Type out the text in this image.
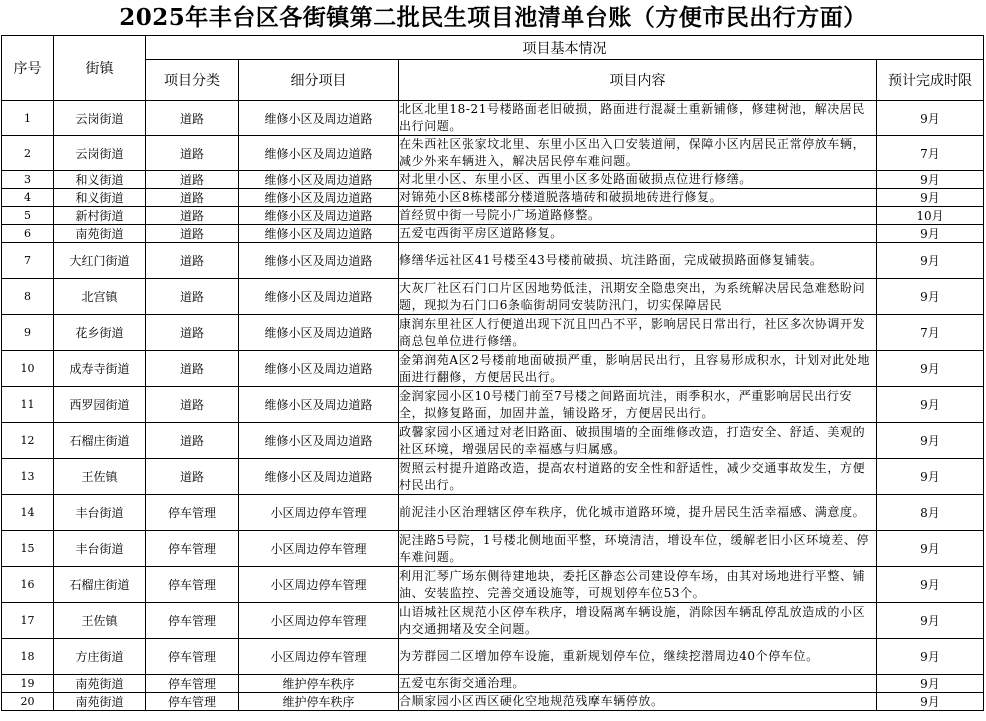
2025年丰台区各街镇第二批民生项目池清单台账（方便市民出行方面）
序号	街镇	项目基本情况			
		项目分类	细分项目	项目内容	预计完成时限
1	云岗街道	道路	维修小区及周边道路	北区北里18-21号楼路面老旧破损，路面进行混凝土重新铺修，修建树池，解决居民出行问题。	9月
2	云岗街道	道路	维修小区及周边道路	在朱西社区张家坟北里、东里小区出入口安装道闸，保障小区内居民正常停放车辆，减少外来车辆进入，解决居民停车难问题。	7月
3	和义街道	道路	维修小区及周边道路	对北里小区、东里小区、西里小区多处路面破损点位进行修缮。	9月
4	和义街道	道路	维修小区及周边道路	对锦苑小区8栋楼部分楼道脱落墙砖和破损地砖进行修复。	9月
5	新村街道	道路	维修小区及周边道路	首经贸中街一号院小广场道路修整。	10月
6	南苑街道	道路	维修小区及周边道路	五爱屯西街平房区道路修复。	9月
7	大红门街道	道路	维修小区及周边道路	修缮华远社区41号楼至43号楼前破损、坑洼路面，完成破损路面修复铺装。	9月
8	北宫镇	道路	维修小区及周边道路	大灰厂社区石门口片区因地势低洼，汛期安全隐患突出，为系统解决居民急难愁盼问题，现拟为石门口6条临街胡同安装防汛门，切实保障居民	9月
9	花乡街道	道路	维修小区及周边道路	康润东里社区人行便道出现下沉且凹凸不平，影响居民日常出行，社区多次协调开发商总包单位进行修缮。	7月
10	成寿寺街道	道路	维修小区及周边道路	金第润苑A区2号楼前地面破损严重，影响居民出行，且容易形成积水，计划对此处地面进行翻修，方便居民出行。	9月
11	西罗园街道	道路	维修小区及周边道路	金润家园小区10号楼门前至7号楼之间路面坑洼，雨季积水，严重影响居民出行安全，拟修复路面，加固井盖，铺设路牙，方便居民出行。	9月
12	石榴庄街道	道路	维修小区及周边道路	政馨家园小区通过对老旧路面、破损围墙的全面维修改造，打造安全、舒适、美观的社区环境，增强居民的幸福感与归属感。	9月
13	王佐镇	道路	维修小区及周边道路	贺照云村提升道路改造，提高农村道路的安全性和舒适性，减少交通事故发生，方便村民出行。	9月
14	丰台街道	停车管理	小区周边停车管理	前泥洼小区治理辖区停车秩序，优化城市道路环境，提升居民生活幸福感、满意度。	8月
15	丰台街道	停车管理	小区周边停车管理	泥洼路5号院，1号楼北侧地面平整，环境清洁，增设车位，缓解老旧小区环境差、停车难问题。	9月
16	石榴庄街道	停车管理	小区周边停车管理	利用汇琴广场东侧待建地块，委托区静态公司建设停车场，由其对场地进行平整、铺油、安装监控、完善交通设施等，可规划停车位53个。	9月
17	王佐镇	停车管理	小区周边停车管理	山语城社区规范小区停车秩序，增设隔离车辆设施，消除因车辆乱停乱放造成的小区内交通拥堵及安全问题。	9月
18	方庄街道	停车管理	小区周边停车管理	为芳群园二区增加停车设施，重新规划停车位，继续挖潜周边40个停车位。	9月
19	南苑街道	停车管理	维护停车秩序	五爱屯东街交通治理。	9月
20	南苑街道	停车管理	维护停车秩序	合顺家园小区西区硬化空地规范残摩车辆停放。	9月
